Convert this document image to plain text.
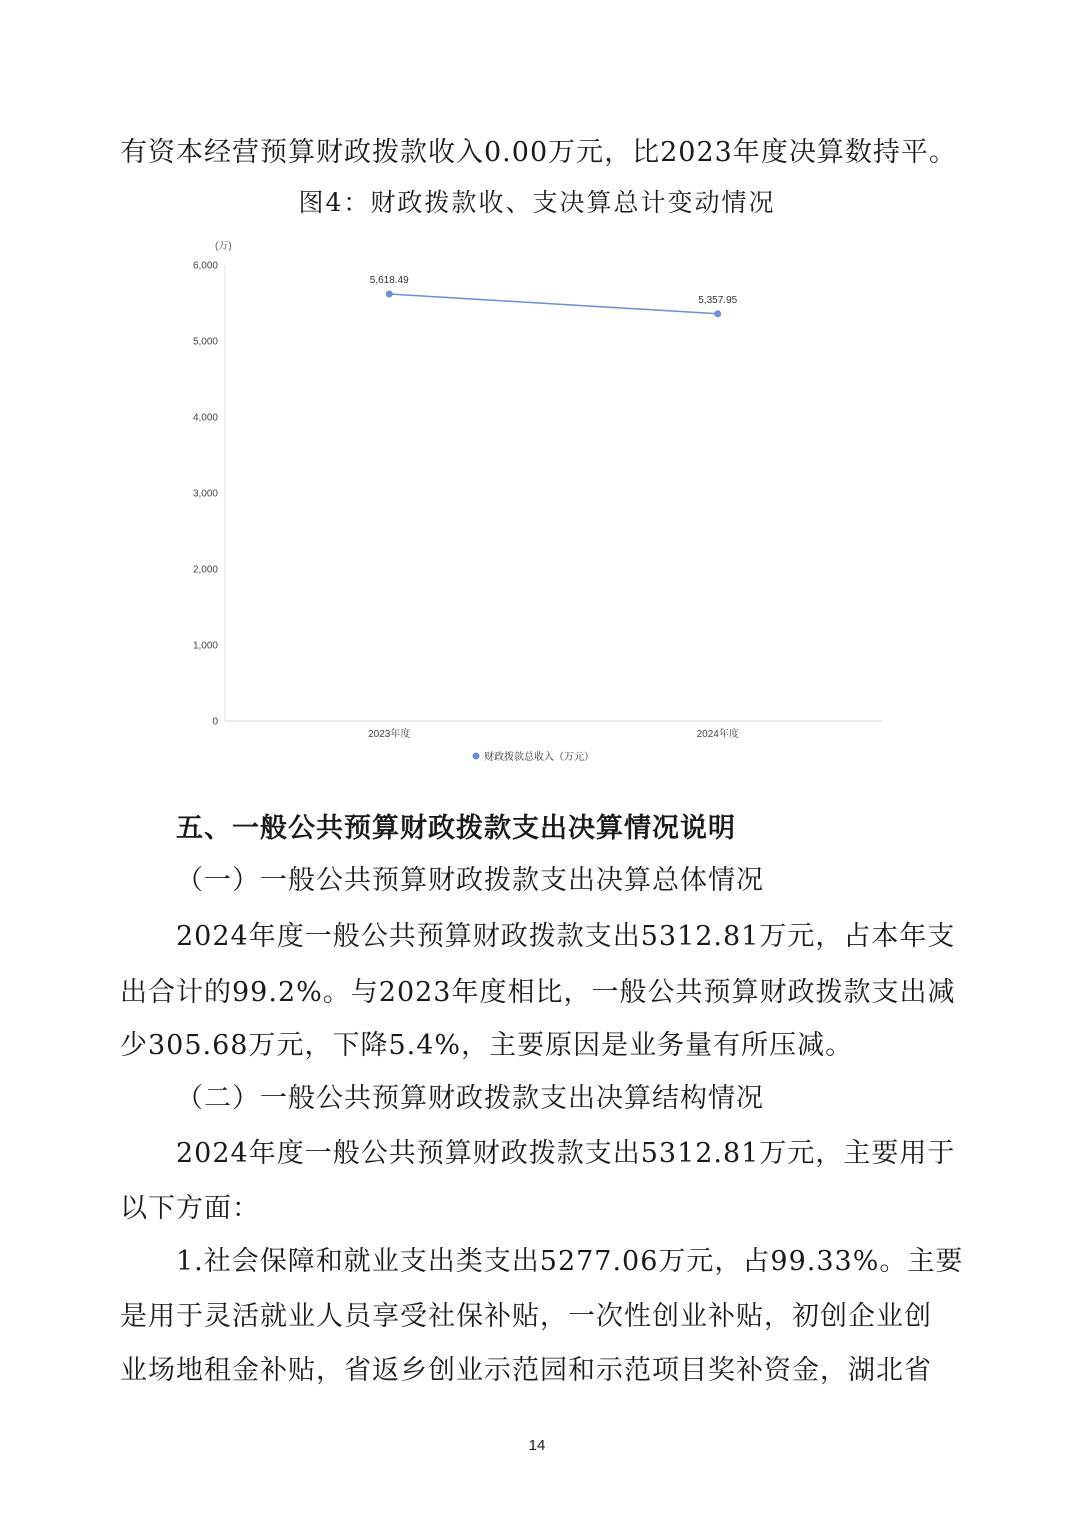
有资本经营预算财政拨款收入0.00万元，比2023年度决算数持平。
图4：财政拨款收、支决算总计变动情况
0
1,000
2,000
3,000
4,000
5,000
6,000
(万)
5,618.49
5,357.95
2023年度	2024年度
财政拨款总收入（万元）
五、一般公共预算财政拨款支出决算情况说明
（一）一般公共预算财政拨款支出决算总体情况
2024年度一般公共预算财政拨款支出5312.81万元，占本年支
出合计的99.2%。与2023年度相比，一般公共预算财政拨款支出减
少305.68万元，下降5.4%，主要原因是业务量有所压减。
（二）一般公共预算财政拨款支出决算结构情况
2024年度一般公共预算财政拨款支出5312.81万元，主要用于
以下方面：
1.社会保障和就业支出类支出5277.06万元，占99.33%。主要
是用于灵活就业人员享受社保补贴，一次性创业补贴，初创企业创
业场地租金补贴，省返乡创业示范园和示范项目奖补资金，湖北省
14
